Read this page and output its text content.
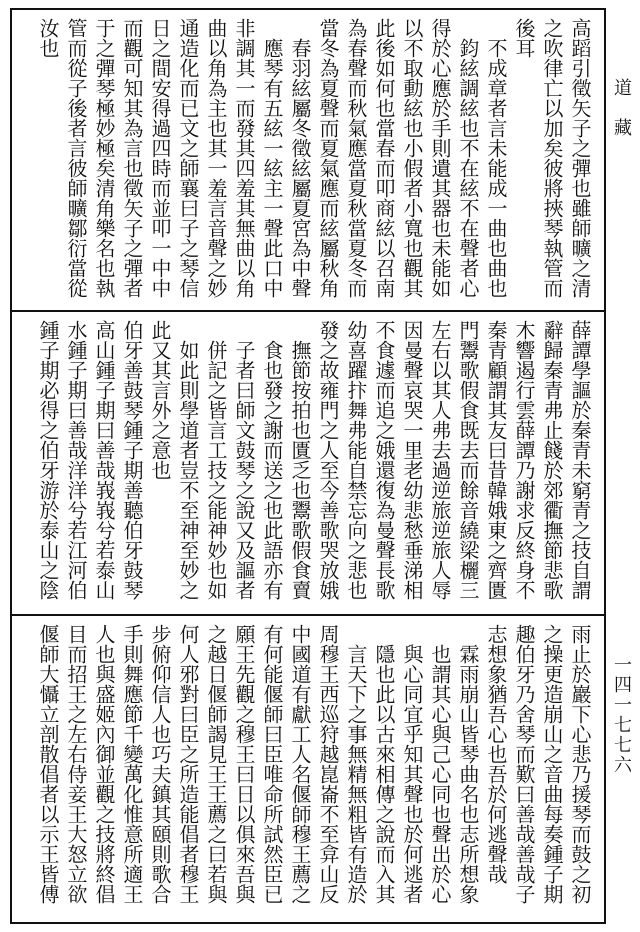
高蹈引徵矢子之彈也雖師曠之清
之吹律亡以加矣彼將挾琴執管而
後耳
　不成章者言未能成一曲也曲也
　鈞絃調絃也不在絃不在聲者心
得於心應於手則遺其器也未能如
以不取動絃也小假者小寬也觀其
此後如何也當春而叩商絃以召南
為春聲而秋氣應當夏秋當夏冬而
當冬為夏聲而夏氣應而絃屬秋角
　春羽絃屬冬徵絃屬夏宮為中聲
　應琴有五絃一絃主一聲此口中
非調其一而發其四羞其無曲以角
曲以角為主也其一羞言音聲之妙
通造化而已文之師襄曰子之琴信
日之間安得過四時而並叩一中中
而觀可知其為言也徵矢子之彈者
于之彈琴極妙極矣清角樂名也執
管而從子後者言彼師曠鄒衍當從
汝也
薛譚學謳於秦青未窮青之技自謂
辭歸秦青弗止餞於郊衢撫節悲歌
木響遏行雲薛譚乃謝求反終身不
秦青顧謂其友曰昔韓娥東之齊匱
門鬻歌假食既去而餘音繞梁欐三
左右以其人弗去過逆旅逆旅人辱
因曼聲哀哭一里老幼悲愁垂涕相
不食遽而追之娥還復為曼聲長歌
幼喜躍抃舞弗能自禁忘向之悲也
發之故雍門之人至今善歌哭放娥
　撫節按拍也匱乏也鬻歌假食賣
　食也發之謝而送之也此語亦有
　子者曰師文鼓琴之說又及謳者
　併記之皆言工技之能神妙也如
　如此則學道者豈不至神至妙之
此又其言外之意也
伯牙善鼓琴鍾子期善聽伯牙鼓琴
高山鍾子期曰善哉峩峩兮若泰山
水鍾子期曰善哉洋洋兮若江河伯
鍾子期必得之伯牙游於泰山之陰
雨止於巖下心悲乃援琴而鼓之初
之操更造崩山之音曲每奏鍾子期
趣伯牙乃舍琴而歎曰善哉善哉子
志想象猶吾心也吾於何逃聲哉
　霖雨崩山皆琴曲名也志所想象
　也謂其心與己心同也聲出於心
　與心同宜乎知其聲也於何逃者
　隱也此以古來相傳之說而入其
　言天下之事無精無粗皆有造於
周穆王西巡狩越崑崙不至弇山反
中國道有獻工人名偃師穆王薦之
有何能偃師曰臣唯命所試然臣已
願王先觀之穆王曰日以俱來吾與
之越日偃師謁見王王薦之曰若與
何人邪對曰臣之所造能倡者穆王
步俯仰信人也巧夫鎮其頤則歌合
手則舞應節千變萬化惟意所適王
人也與盛姬內御並觀之技將終倡
目而招王之左右侍妾王大怒立欲
偃師大懾立剖散倡者以示王皆傅
道藏
一四一七七六
